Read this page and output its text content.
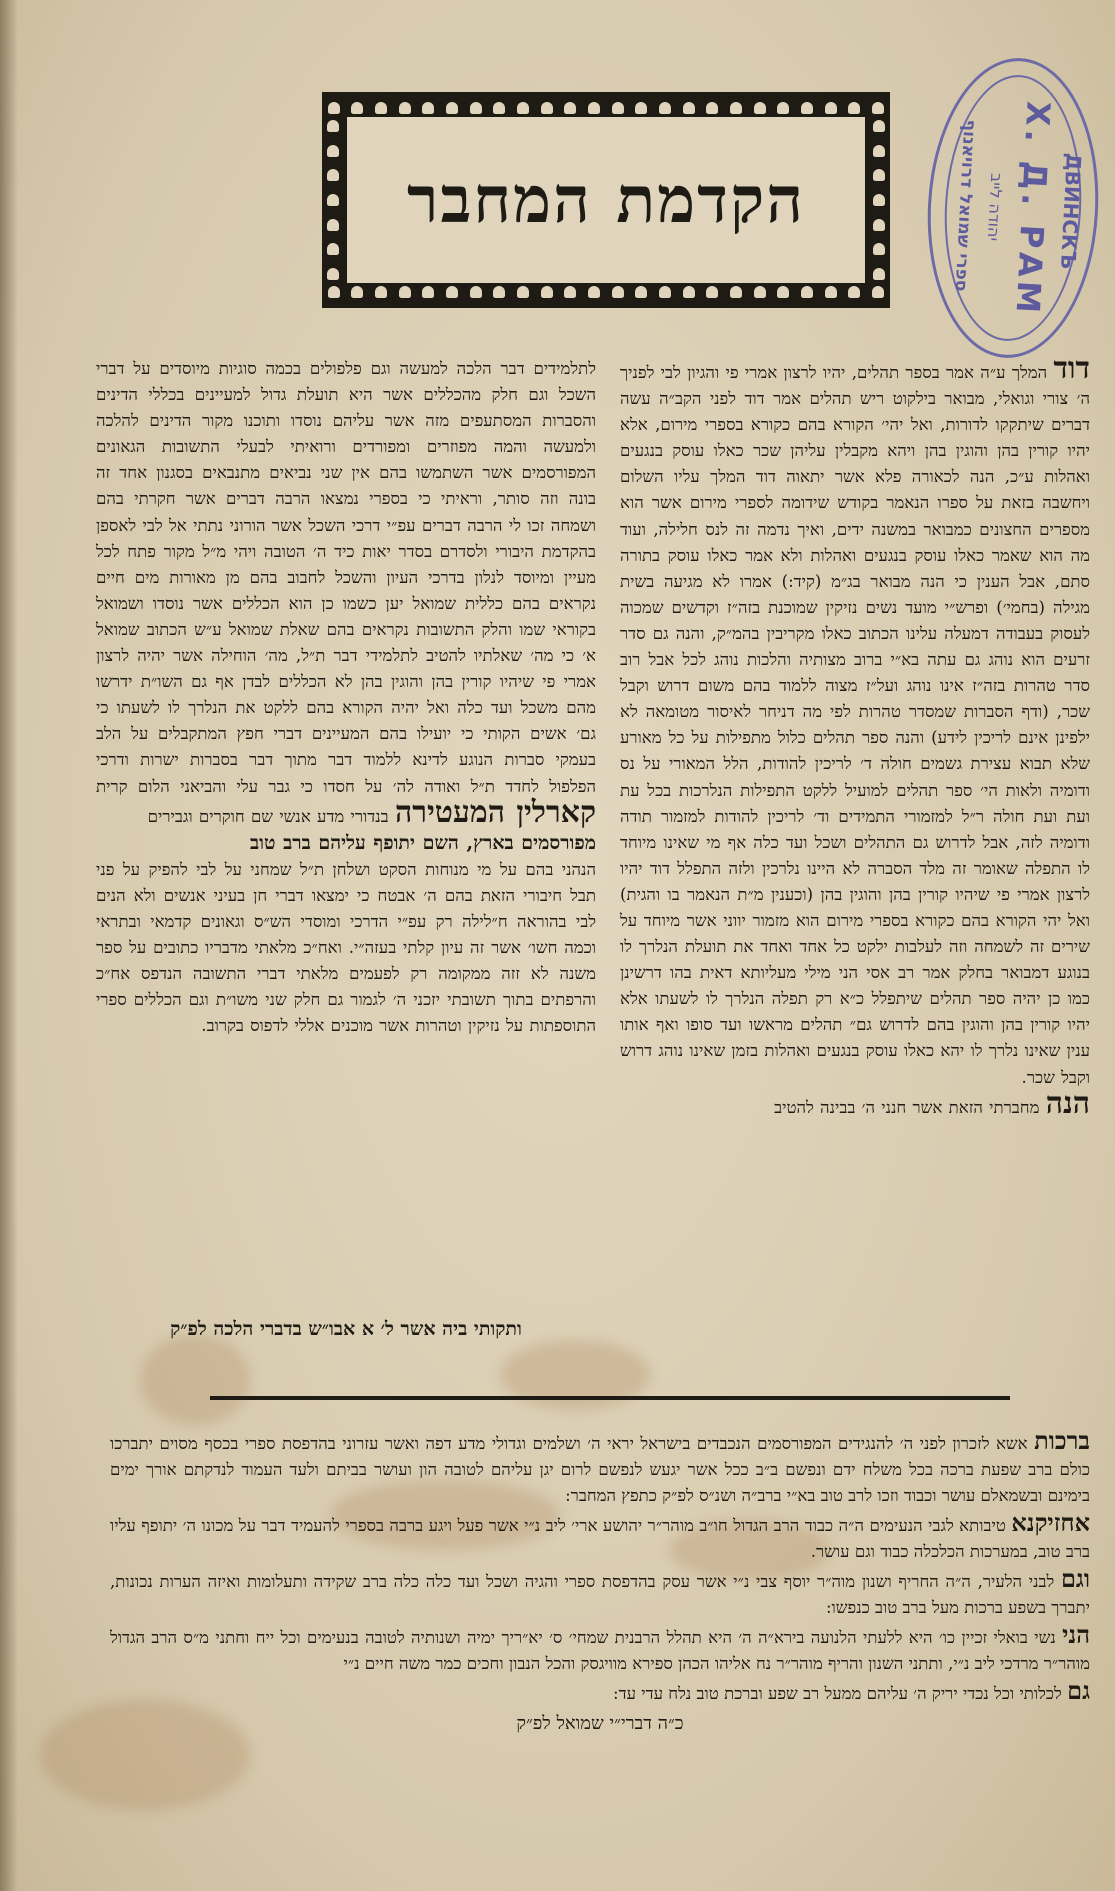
הקדמת המחבר	ספרי שמואל דרויאנוף יהודה לייב Х. Д. РАМ
ДВИНСКЪ

דוד המלך ע״ה אמר בספר תהלים, יהיו לרצון אמרי פי והגיון לבי לפניך ה׳ צורי וגואלי, מבואר בילקוט ריש תהלים אמר דוד לפני הקב״ה עשה דברים שיתקקו לדורות, ואל יהי׳ הקורא בהם כקורא בספרי מירום, אלא יהיו קורין בהן והוגין בהן ויהא מקבלין עליהן שכר כאלו עוסק בנגעים ואהלות ע״כ, הנה לכאורה פלא אשר יתאוה דוד המלך עליו השלום ויחשבה בזאת על ספרו הנאמר בקודש שידומה לספרי מירום אשר הוא מספרים החצונים כמבואר במשנה ידים, ואיך נדמה זה לנס חלילה, ועוד מה הוא שאמר כאלו עוסק בנגעים ואהלות ולא אמר כאלו עוסק בתורה סתם, אבל הענין כי הנה מבואר בג״מ (קיד:) אמרו לא מגיעה בשית מגילה (בחמי׳) ופרש״י מועד נשים נזיקין שמוכנת בזה״ז וקדשים שמכוה לעסוק בעבודה דמעלה עלינו הכתוב כאלו מקריבין בהמ״ק, והנה גם סדר זרעים הוא נוהג גם עתה בא״י ברוב מצותיה והלכות נוהג לכל אבל רוב סדר טהרות בזה״ז אינו נוהג ועל״ז מצוה ללמוד בהם משום דרוש וקבל שכר, (ודף הסברות שמסדר טהרות לפי מה דניחר לאיסור מטומאה לא ילפינן אינם לריכין לידע) והנה ספר תהלים כלול מתפילות על כל מאורע שלא תבוא עצירת גשמים חולה ד׳ לריכין להודות, הלל המאורי על נס ודומיה ולאות הי׳ ספר תהלים למועיל ללקט התפילות הנלרכות בכל עת ועת ועת חולה ר״ל למזמורי התמידים וד׳ לריכין להודות למזמור תודה ודומיה לזה, אבל לדרוש גם התהלים ושכל ועד כלה אף מי שאינו מיוחד לו התפלה שאומר זה מלד הסברה לא היינו נלרכין ולזה התפלל דוד יהיו לרצון אמרי פי שיהיו קורין בהן והוגין בהן (וכענין מ״ת הנאמר בו והגית) ואל יהי הקורא בהם כקורא בספרי מירום הוא מזמור יווני אשר מיוחד על שירים זה לשמחה וזה לעלבות ילקט כל אחד ואחד את תועלת הנלרך לו בנוגע דמבואר בחלק אמר רב אסי הני מילי מעליותא דאית בהו דרשינן כמו כן יהיה ספר תהלים שיתפלל כ״א רק תפלה הנלרך לו לשעתו אלא יהיו קורין בהן והוגין בהם לדרוש גם״ תהלים מראשו ועד סופו ואף אותו ענין שאינו נלרך לו יהא כאלו עוסק בנגעים ואהלות בזמן שאינו נוהג דרוש וקבל שכר.

הנה מחברתי הזאת אשר חנני ה׳ בבינה להטיב

לתלמידים דבר הלכה למעשה וגם פלפולים בכמה סוגיות מיוסדים על דברי השכל וגם חלק מהכללים אשר היא תועלת גדול למעיינים בכללי הדינים והסברות המסתעפים מזה אשר עליהם נוסדו ותוכנו מקור הדינים להלכה ולמעשה והמה מפוזרים ומפורדים ורואיתי לבעלי התשובות הגאונים המפורסמים אשר השתמשו בהם אין שני נביאים מתנבאים בסגנון אחד זה בונה וזה סותר, וראיתי כי בספרי נמצאו הרבה דברים אשר חקרתי בהם ושמחה זכו לי הרבה דברים עפ״י דרכי השכל אשר הורוני נתתי אל לבי לאספן בהקדמת היבורי ולסדרם בסדר יאות כיד ה׳ הטובה ויהי מ״ל מקור פתח לכל מעיין ומיוסד לנלון בדרכי העיון והשכל לחבוב בהם מן מאורות מים חיים נקראים בהם כללית שמואל יען כשמו כן הוא הכללים אשר נוסדו ושמואל בקוראי שמו והלק התשובות נקראים בהם שאלת שמואל ע״ש הכתוב שמואל א׳ כי מה׳ שאלתיו להטיב לתלמידי דבר ת״ל, מה׳ הוחילה אשר יהיה לרצון אמרי פי שיהיו קורין בהן והוגין בהן לא הכללים לבדן אף גם השו״ת ידרשו מהם משכל ועד כלה ואל יהיה הקורא בהם ללקט את הנלרך לו לשעתו כי גם׳ אשים הקותי כי יועילו בהם המעיינים דברי חפץ המתקבלים על הלב בעמקי סברות הנוגע לדינא ללמוד דבר מתוך דבר בסברות ישרות ודרכי הפלפול לחדד ת״ל ואודה לה׳ על חסדו כי גבר עלי והביאני הלום קרית קארלין המעטירה בנדורי מדע אנשי שם חוקרים וגבירים

מפורסמים בארץ, השם יתופף עליהם ברב טוב

הנהני בהם על מי מנוחות הסקט ושלחן ת״ל שמחני על לבי להפיק על פני תבל חיבורי הזאת בהם ה׳ אבטח כי ימצאו דברי חן בעיני אנשים ולא הנים לבי בהוראה ח״לילה רק עפ״י הדרכי ומוסדי הש״ס וגאונים קדמאי ובתראי וכמה חשו׳ אשר זה עיון קלתי בעזה״י. ואח״כ מלאתי מדבריו כתובים על ספר משנה לא זזה ממקומה רק לפעמים מלאתי דברי התשובה הנדפס אח״כ והרפתים בתוך תשובתי יזכני ה׳ לגמור גם חלק שני משו״ת וגם הכללים ספרי התוספתות על נזיקין וטהרות אשר מוכנים אללי לדפוס בקרוב.

ותקותי ביה אשר ל׳ א אבו״ש בדברי הלכה לפ״ק

ברכות אשא לזכרון לפני ה׳ להנגידים המפורסמים הנכבדים בישראל יראי ה׳ ושלמים וגדולי מדע דפה ואשר עזרוני בהדפסת ספרי בכסף מסוים יתברכו כולם ברב שפעת ברכה בכל משלח ידם ונפשם ב״ב ככל אשר יגעש לנפשם לרום יגן עליהם לטובה הון ועושר בביתם ולעד העמוד לנדקתם אורך ימים בימינם ובשמאלם עושר וכבוד וזכו לרב טוב בא״י ברב״ה ושנ״ס לפ״ק כתפץ המחבר:

אחזיקנא טיבותא לגבי הנעימים ה״ה כבוד הרב הגדול חו״ב מוהר״ר יהושע ארי׳ ליב נ״י אשר פעל ויגע ברבה בספרי להעמיד דבר על מכונו ה׳ יתופף עליו ברב טוב, במערכות הכלכלה כבוד וגם עושר.

וגם לבני הלעיר, ה״ה החריף ושנון מוה״ר יוסף צבי נ״י אשר עסק בהדפסת ספרי והגיה ושכל ועד כלה כלה ברב שקידה ותעלומות ואיזה הערות נכונות, יתברך בשפע ברכות מעל ברב טוב כנפשו:

הני נשי בואלי זכיין כו׳ היא ללעתי הלנועה בירא״ה ה׳ היא תהלל הרבנית שמחי׳ ס׳ יא״ריך ימיה ושנותיה לטובה בנעימים וכל ייח וחתני מ״ס הרב הגדול מוהר״ר מרדכי ליב נ״י, ותתני השנון והריף מוהר״ר נח אליהו הכהן ספירא מוויגסק והכל הנבון וחכים כמר משה חיים נ״י

גם לכלותי וכל נכדי יריק ה׳ עליהם ממעל רב שפע וברכת טוב נלח עדי עד:

כ״ה דברי״י שמואל לפ״ק
